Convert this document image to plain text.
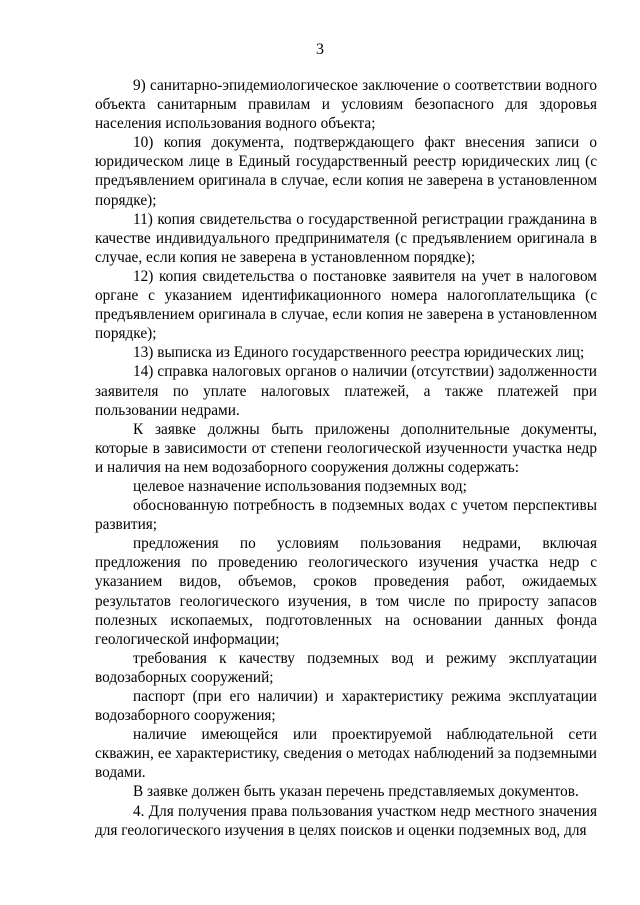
3

9) санитарно-эпидемиологическое заключение о соответствии водного объекта санитарным правилам и условиям безопасного для здоровья населения использования водного объекта;

10) копия документа, подтверждающего факт внесения записи о юридическом лице в Единый государственный реестр юридических лиц (с предъявлением оригинала в случае, если копия не заверена в установленном порядке);

11) копия свидетельства о государственной регистрации гражданина в качестве индивидуального предпринимателя (с предъявлением оригинала в случае, если копия не заверена в установленном порядке);

12) копия свидетельства о постановке заявителя на учет в налоговом органе с указанием идентификационного номера налогоплательщика (с предъявлением оригинала в случае, если копия не заверена в установленном порядке);

13) выписка из Единого государственного реестра юридических лиц;

14) справка налоговых органов о наличии (отсутствии) задолженности заявителя по уплате налоговых платежей, а также платежей при пользовании недрами.

К заявке должны быть приложены дополнительные документы, которые в зависимости от степени геологической изученности участка недр и наличия на нем водозаборного сооружения должны содержать:

целевое назначение использования подземных вод;

обоснованную потребность в подземных водах с учетом перспективы развития;

предложения по условиям пользования недрами, включая предложения по проведению геологического изучения участка недр с указанием видов, объемов, сроков проведения работ, ожидаемых результатов геологического изучения, в том числе по приросту запасов полезных ископаемых, подготовленных на основании данных фонда геологической информации;

требования к качеству подземных вод и режиму эксплуатации водозаборных сооружений;

паспорт (при его наличии) и характеристику режима эксплуатации водозаборного сооружения;

наличие имеющейся или проектируемой наблюдательной сети скважин, ее характеристику, сведения о методах наблюдений за подземными водами.

В заявке должен быть указан перечень представляемых документов.

4. Для получения права пользования участком недр местного значения для геологического изучения в целях поисков и оценки подземных вод, для
